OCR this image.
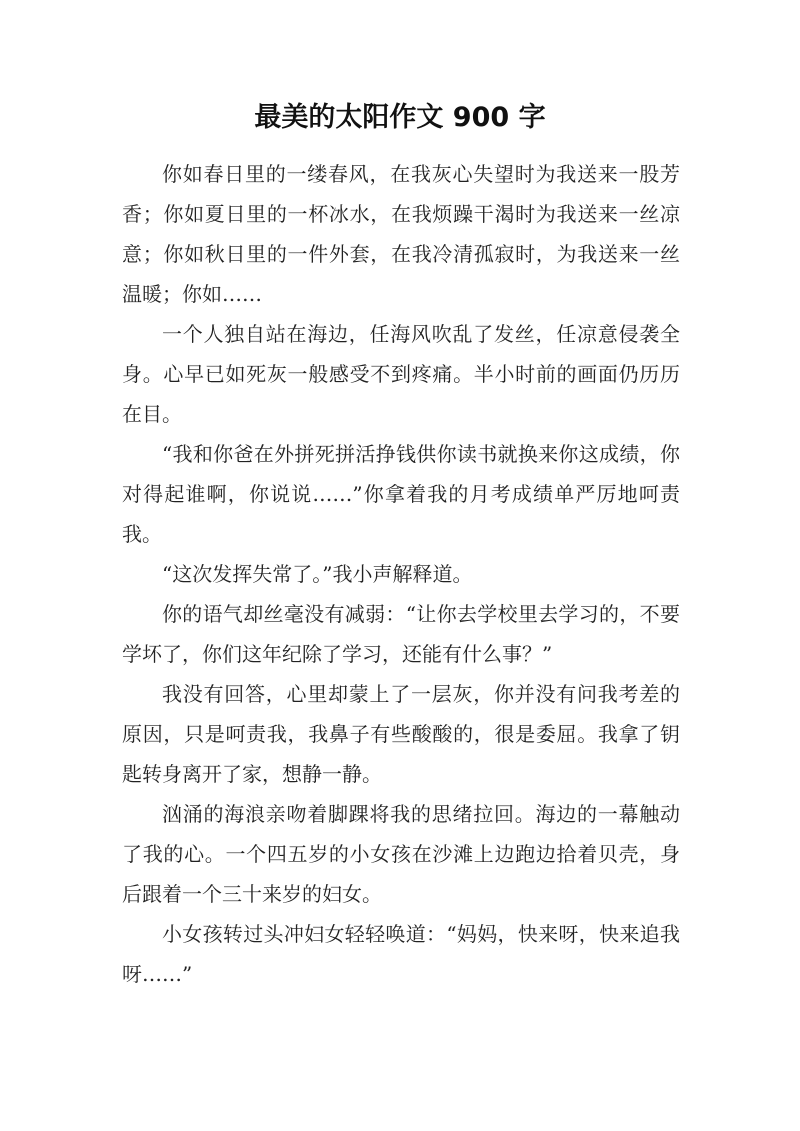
最美的太阳作文 900 字

你如春日里的一缕春风，在我灰心失望时为我送来一股芳香；你如夏日里的一杯冰水，在我烦躁干渴时为我送来一丝凉意；你如秋日里的一件外套，在我冷清孤寂时，为我送来一丝温暖；你如……

一个人独自站在海边，任海风吹乱了发丝，任凉意侵袭全身。心早已如死灰一般感受不到疼痛。半小时前的画面仍历历在目。

“我和你爸在外拼死拼活挣钱供你读书就换来你这成绩，你对得起谁啊，你说说……”你拿着我的月考成绩单严厉地呵责我。

“这次发挥失常了。”我小声解释道。

你的语气却丝毫没有减弱：“让你去学校里去学习的，不要学坏了，你们这年纪除了学习，还能有什么事？”

我没有回答，心里却蒙上了一层灰，你并没有问我考差的原因，只是呵责我，我鼻子有些酸酸的，很是委屈。我拿了钥匙转身离开了家，想静一静。

汹涌的海浪亲吻着脚踝将我的思绪拉回。海边的一幕触动了我的心。一个四五岁的小女孩在沙滩上边跑边拾着贝壳，身后跟着一个三十来岁的妇女。

小女孩转过头冲妇女轻轻唤道：“妈妈，快来呀，快来追我呀……”
